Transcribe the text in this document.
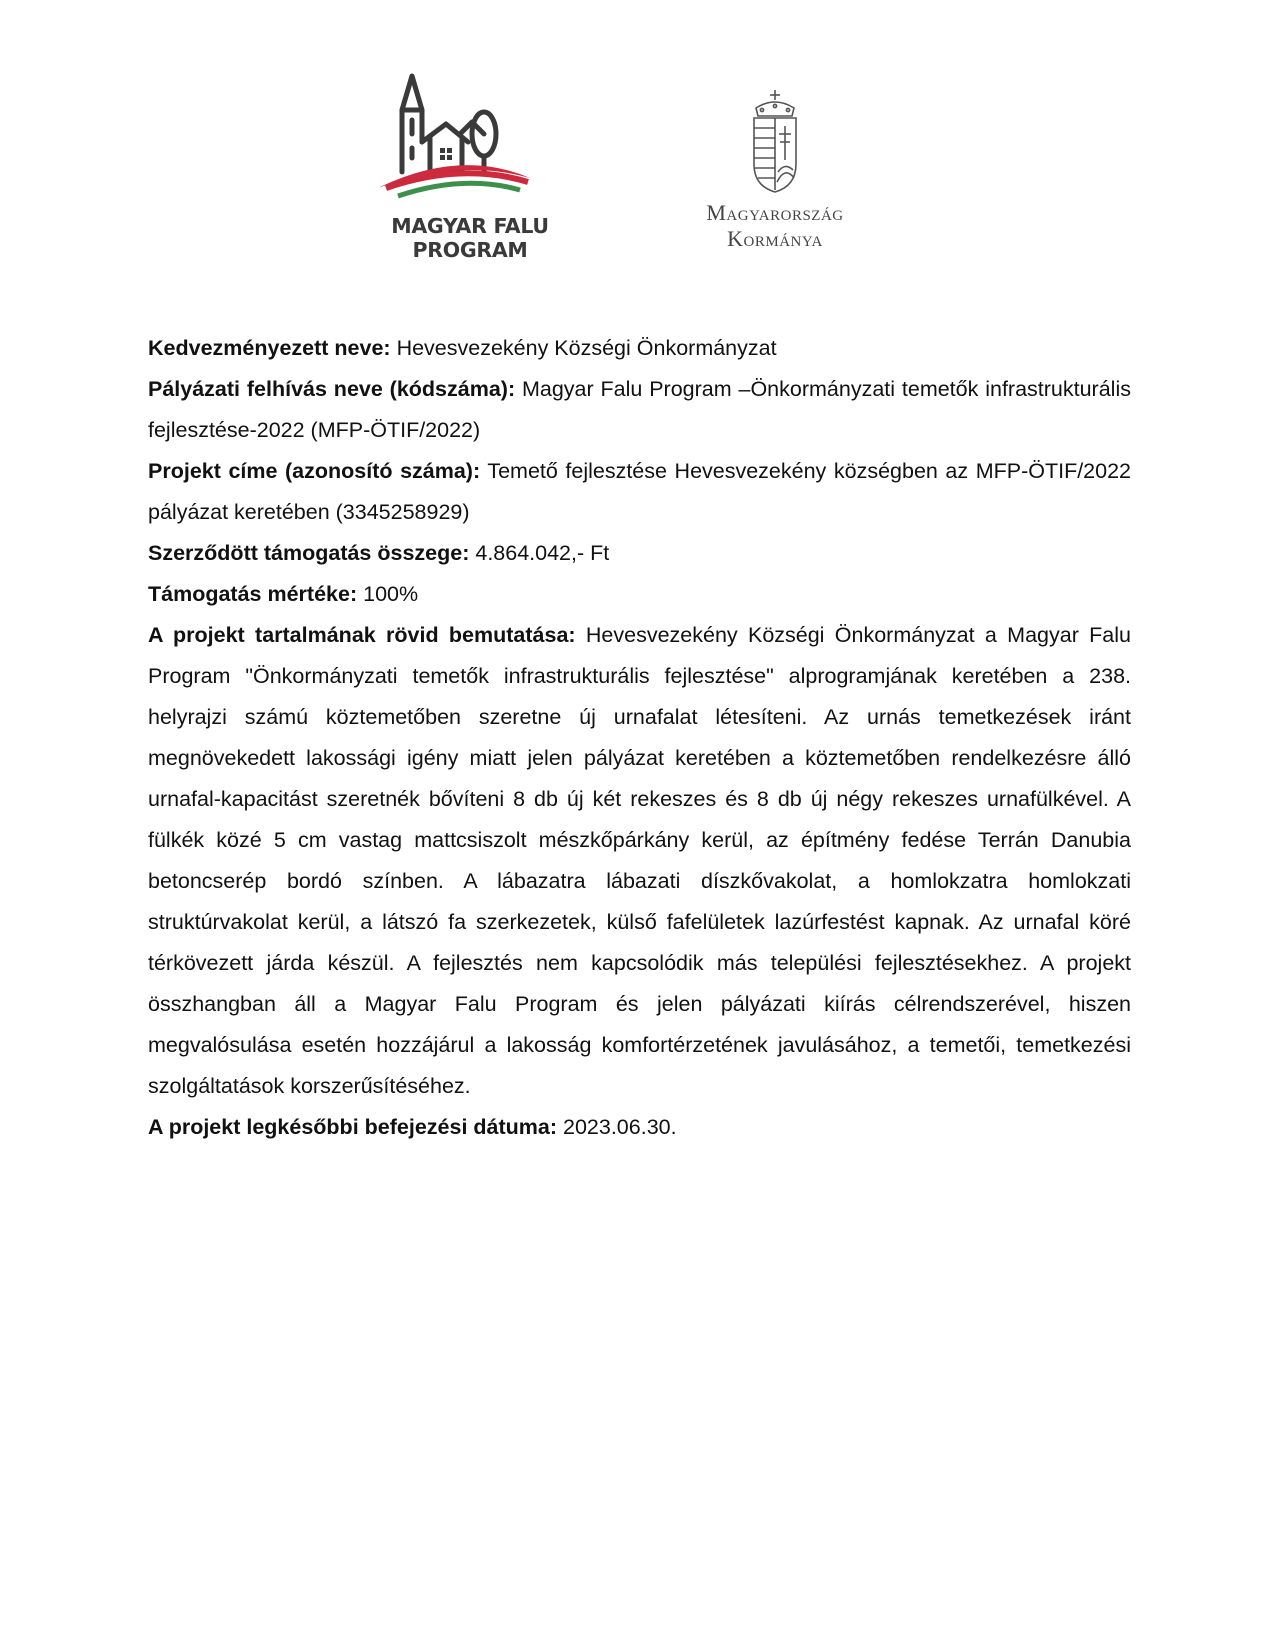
MAGYAR FALU
PROGRAM
Magyarország
Kormánya

Kedvezményezett neve: Hevesvezekény Községi Önkormányzat

Pályázati felhívás neve (kódszáma): Magyar Falu Program –Önkormányzati temetők infrastrukturális fejlesztése-2022 (MFP-ÖTIF/2022)

Projekt címe (azonosító száma): Temető fejlesztése Hevesvezekény községben az MFP-ÖTIF/2022 pályázat keretében (3345258929)

Szerződött támogatás összege: 4.864.042,- Ft

Támogatás mértéke: 100%

A projekt tartalmának rövid bemutatása: Hevesvezekény Községi Önkormányzat a Magyar Falu Program "Önkormányzati temetők infrastrukturális fejlesztése" alprogramjának keretében a 238. helyrajzi számú köztemetőben szeretne új urnafalat létesíteni. Az urnás temetkezések iránt megnövekedett lakossági igény miatt jelen pályázat keretében a köztemetőben rendelkezésre álló urnafal-kapacitást szeretnék bővíteni 8 db új két rekeszes és 8 db új négy rekeszes urnafülkével. A fülkék közé 5 cm vastag mattcsiszolt mészkőpárkány kerül, az építmény fedése Terrán Danubia betoncserép bordó színben. A lábazatra lábazati díszkővakolat, a homlokzatra homlokzati struktúrvakolat kerül, a látszó fa szerkezetek, külső fafelületek lazúrfestést kapnak. Az urnafal köré térkövezett járda készül. A fejlesztés nem kapcsolódik más települési fejlesztésekhez. A projekt összhangban áll a Magyar Falu Program és jelen pályázati kiírás célrendszerével, hiszen megvalósulása esetén hozzájárul a lakosság komfortérzetének javulásához, a temetői, temetkezési szolgáltatások korszerűsítéséhez.

A projekt legkésőbbi befejezési dátuma: 2023.06.30.
